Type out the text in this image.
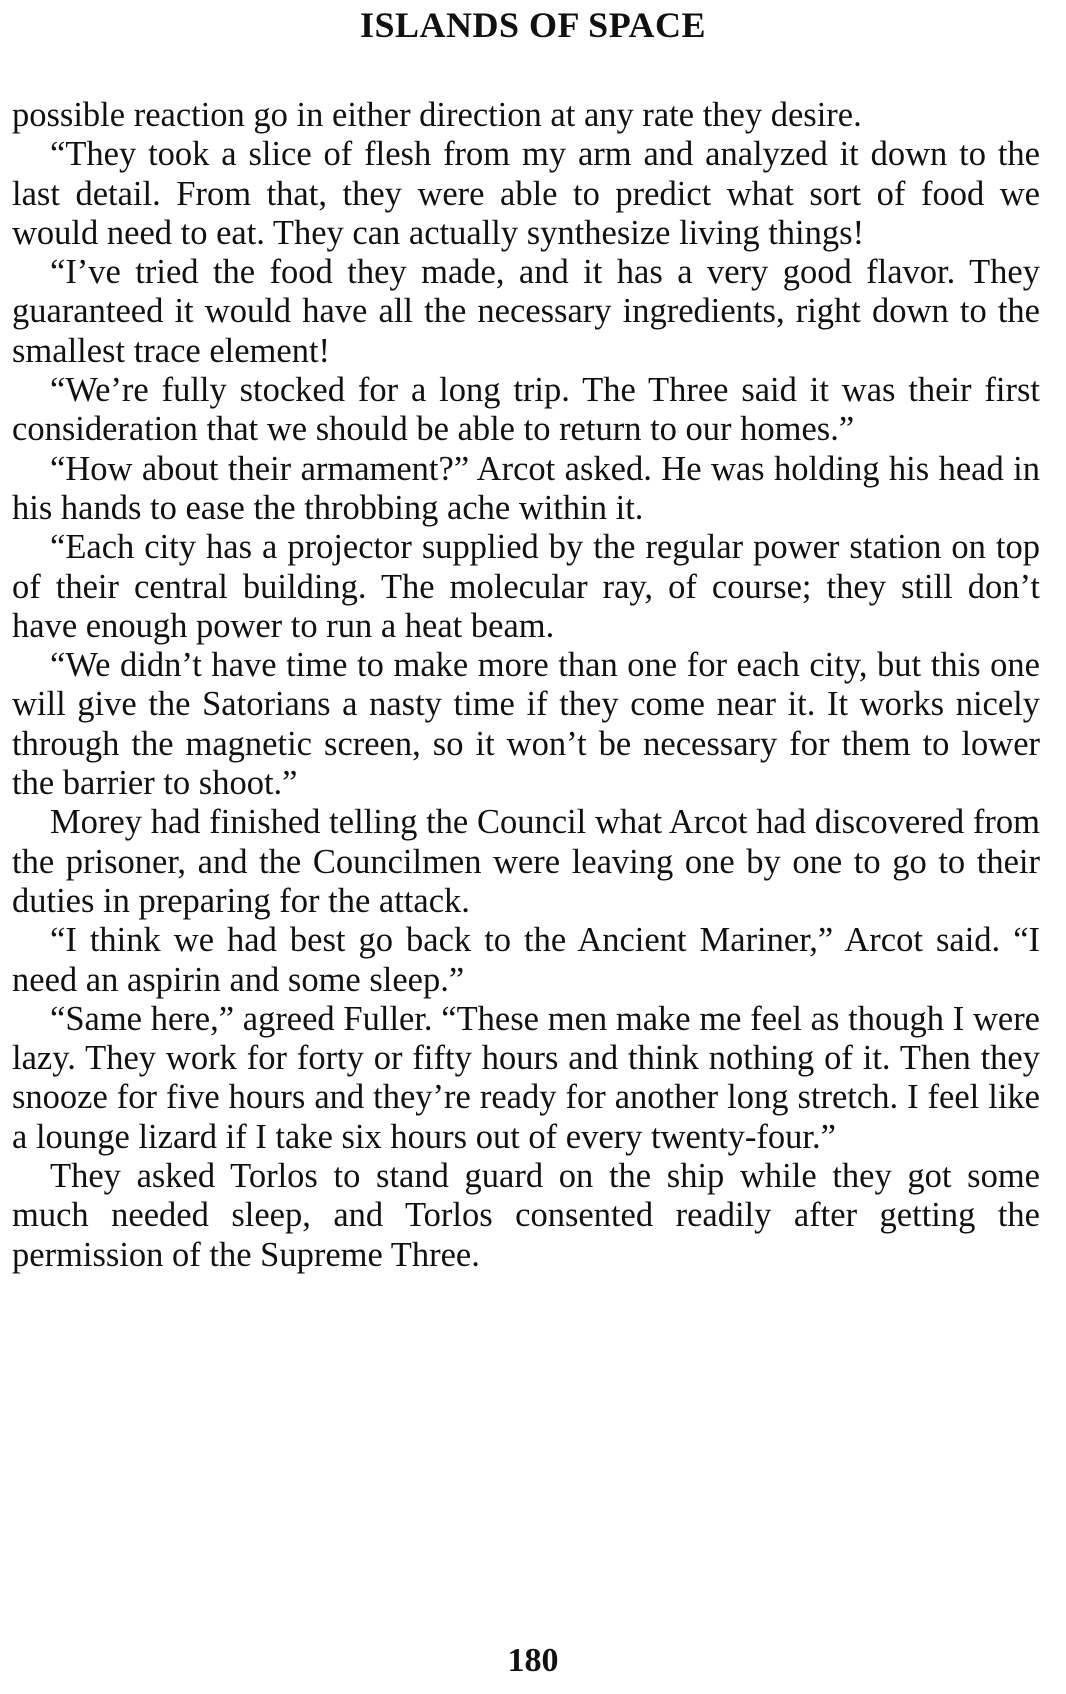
ISLANDS OF SPACE

possible reaction go in either direction at any rate they desire.

“They took a slice of flesh from my arm and analyzed it down to the last detail. From that, they were able to predict what sort of food we would need to eat. They can actually synthesize living things!

“I’ve tried the food they made, and it has a very good flavor. They guaranteed it would have all the necessary ingredients, right down to the smallest trace element!

“We’re fully stocked for a long trip. The Three said it was their first consideration that we should be able to return to our homes.”

“How about their armament?” Arcot asked. He was holding his head in his hands to ease the throbbing ache within it.

“Each city has a projector supplied by the regular power station on top of their central building. The molecular ray, of course; they still don’t have enough power to run a heat beam.

“We didn’t have time to make more than one for each city, but this one will give the Satorians a nasty time if they come near it. It works nicely through the magnetic screen, so it won’t be necessary for them to lower the barrier to shoot.”

Morey had finished telling the Council what Arcot had discovered from the prisoner, and the Councilmen were leaving one by one to go to their duties in preparing for the attack.

“I think we had best go back to the Ancient Mariner,” Arcot said. “I need an aspirin and some sleep.”

“Same here,” agreed Fuller. “These men make me feel as though I were lazy. They work for forty or fifty hours and think nothing of it. Then they snooze for five hours and they’re ready for another long stretch. I feel like a lounge lizard if I take six hours out of every twenty-four.”

They asked Torlos to stand guard on the ship while they got some much needed sleep, and Torlos consented readily after getting the permission of the Supreme Three.

180
